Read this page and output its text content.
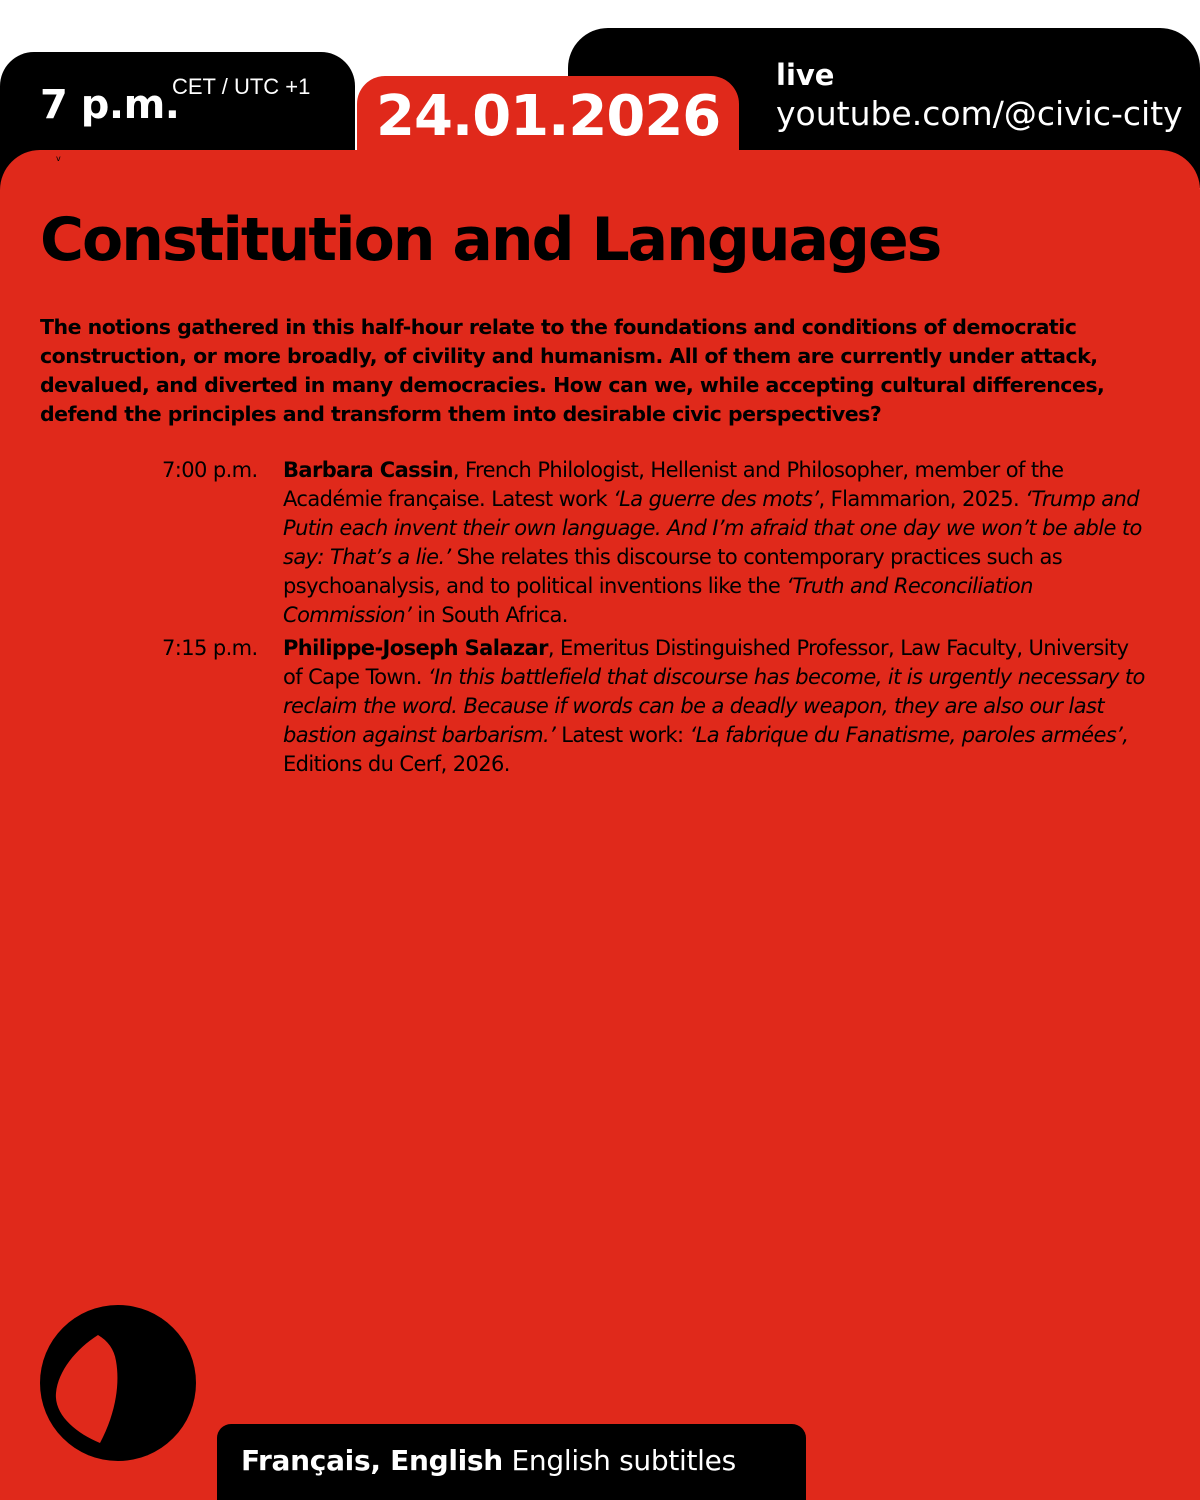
7 p.m.
CET / UTC +1 24.01.2026
live
youtube.com/@civic-city
v
Constitution and Languages

The notions gathered in this half-hour relate to the foundations and conditions of democratic construction, or more broadly, of civility and humanism. All of them are currently under attack, devalued, and diverted in many democracies. How can we, while accepting cultural differences, defend the principles and transform them into desirable civic perspectives?

7:00 p.m.	Barbara Cassin, French Philologist, Hellenist and Philosopher, member of the Académie française. Latest work ‘La guerre des mots’, Flammarion, 2025. ‘Trump and Putin each invent their own language. And I’m afraid that one day we won’t be able to say: That’s a lie.’ She relates this discourse to contemporary practices such as psychoanalysis, and to political inventions like the ‘Truth and Reconciliation Commission’ in South Africa.
7:15 p.m.	Philippe-Joseph Salazar, Emeritus Distinguished Professor, Law Faculty, University of Cape Town. ‘In this battlefield that discourse has become, it is urgently necessary to reclaim the word. Because if words can be a deadly weapon, they are also our last bastion against barbarism.’ Latest work: ‘La fabrique du Fanatisme, paroles armées’, Editions du Cerf, 2026.
Français, English English subtitles
